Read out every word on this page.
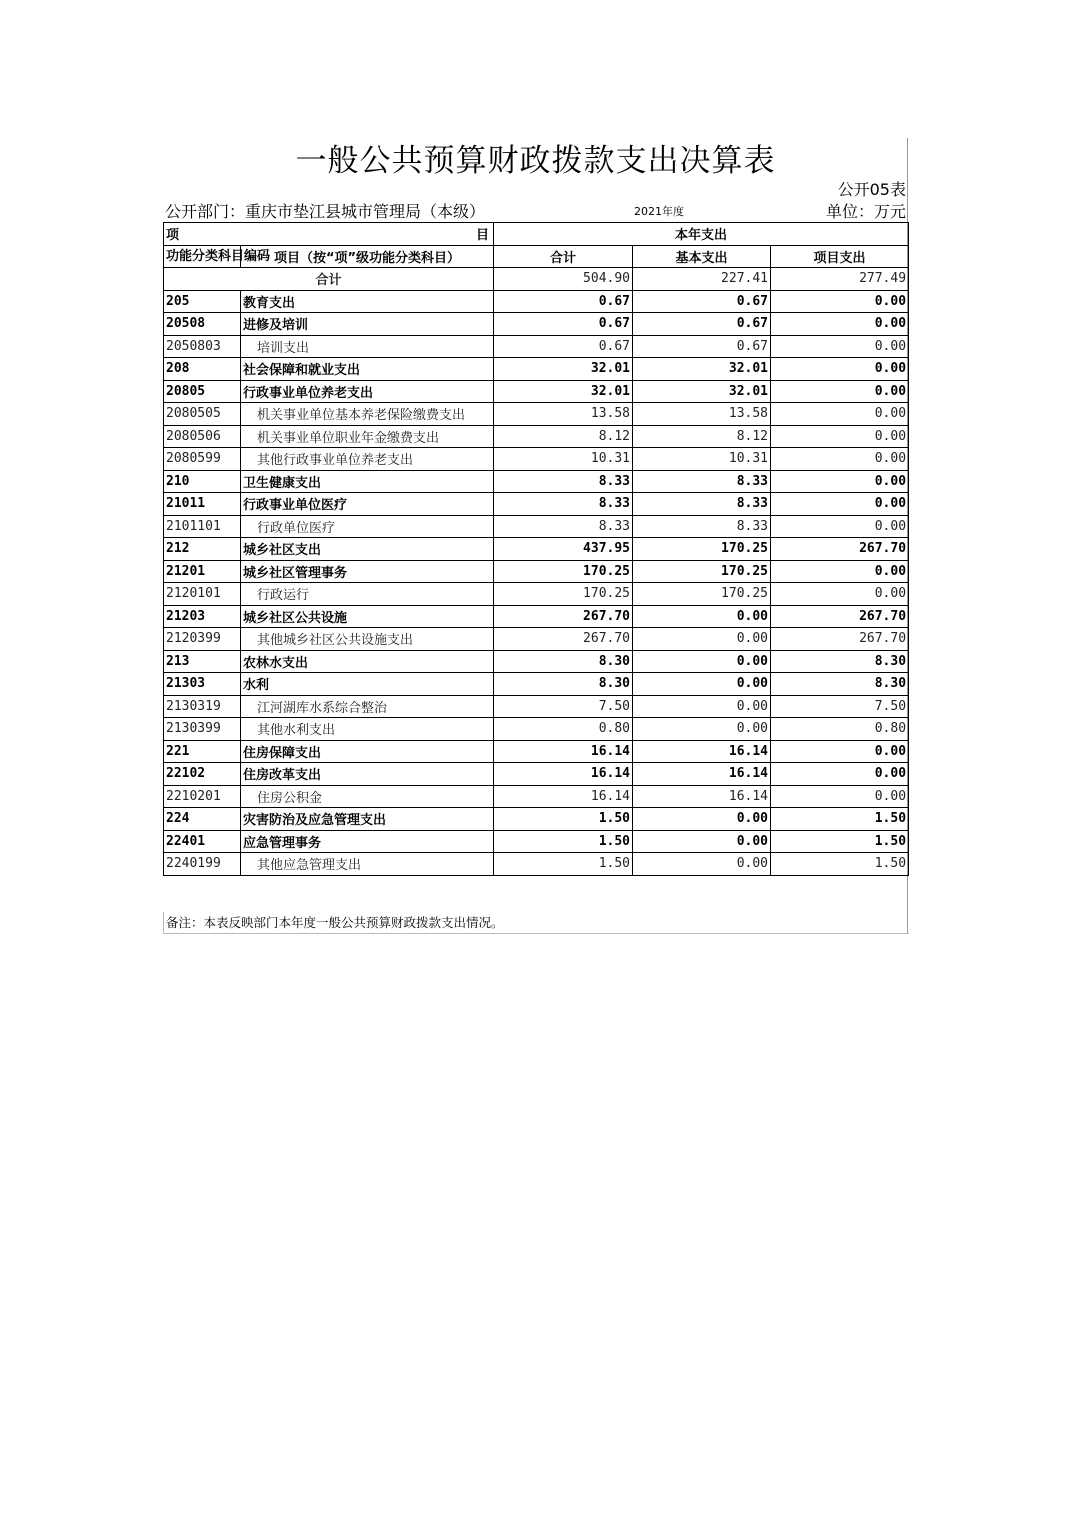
一般公共预算财政拨款支出决算表
公开05表
公开部门：重庆市垫江县城市管理局（本级）	2021年度	单位：万元
项 目		本年支出		
功能分类科目编码	项目（按“项”级功能分类科目）	合计	基本支出	项目支出
合计		504.90	227.41	277.49
205	教育支出	0.67	0.67	0.00
20508	进修及培训	0.67	0.67	0.00
2050803	培训支出	0.67	0.67	0.00
208	社会保障和就业支出	32.01	32.01	0.00
20805	行政事业单位养老支出	32.01	32.01	0.00
2080505	机关事业单位基本养老保险缴费支出	13.58	13.58	0.00
2080506	机关事业单位职业年金缴费支出	8.12	8.12	0.00
2080599	其他行政事业单位养老支出	10.31	10.31	0.00
210	卫生健康支出	8.33	8.33	0.00
21011	行政事业单位医疗	8.33	8.33	0.00
2101101	行政单位医疗	8.33	8.33	0.00
212	城乡社区支出	437.95	170.25	267.70
21201	城乡社区管理事务	170.25	170.25	0.00
2120101	行政运行	170.25	170.25	0.00
21203	城乡社区公共设施	267.70	0.00	267.70
2120399	其他城乡社区公共设施支出	267.70	0.00	267.70
213	农林水支出	8.30	0.00	8.30
21303	水利	8.30	0.00	8.30
2130319	江河湖库水系综合整治	7.50	0.00	7.50
2130399	其他水利支出	0.80	0.00	0.80
221	住房保障支出	16.14	16.14	0.00
22102	住房改革支出	16.14	16.14	0.00
2210201	住房公积金	16.14	16.14	0.00
224	灾害防治及应急管理支出	1.50	0.00	1.50
22401	应急管理事务	1.50	0.00	1.50
2240199	其他应急管理支出	1.50	0.00	1.50
备注：本表反映部门本年度一般公共预算财政拨款支出情况。
